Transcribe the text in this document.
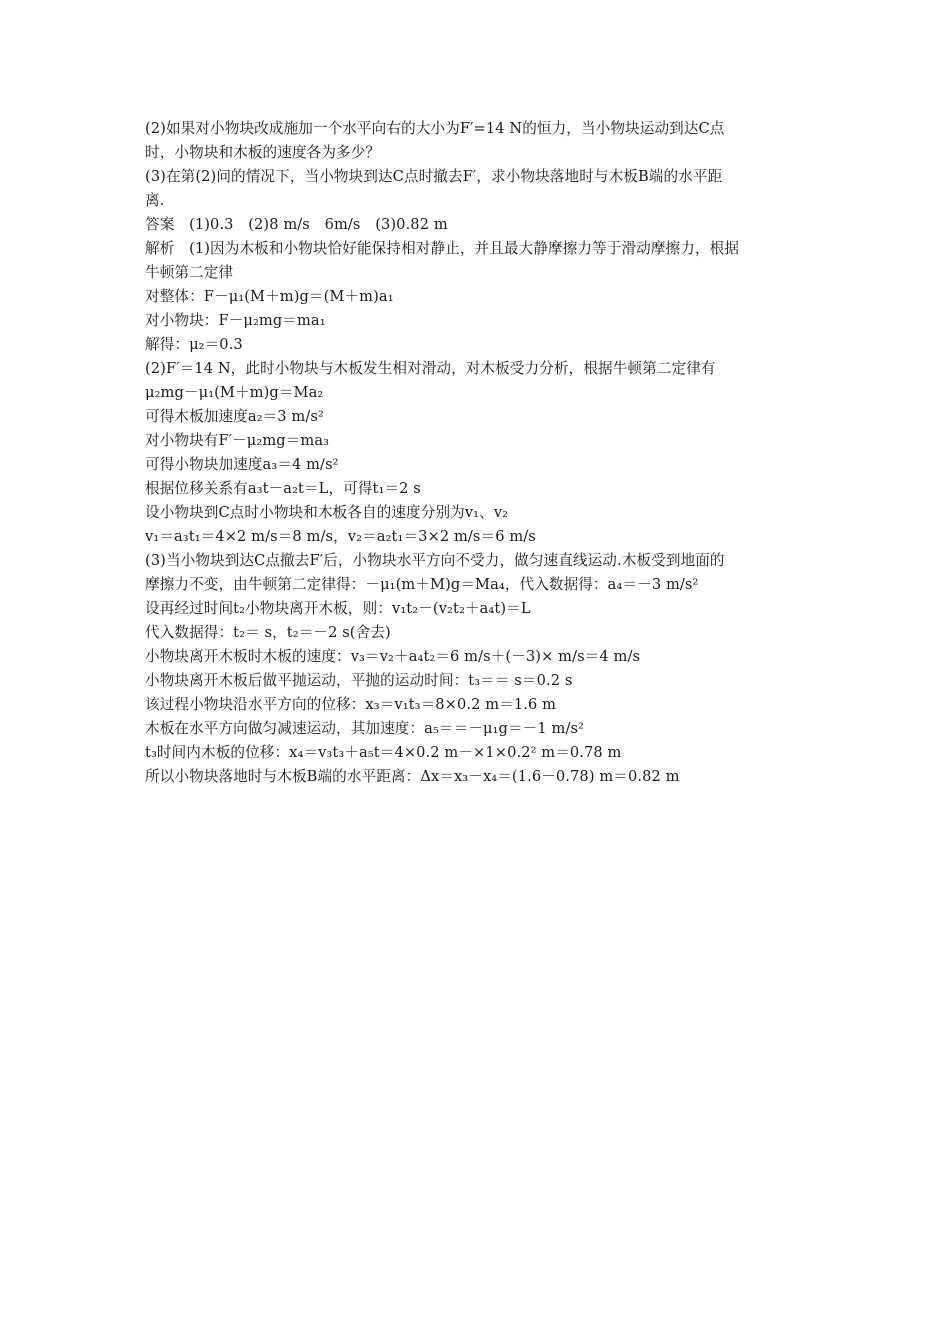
(2)如果对小物块改成施加一个水平向右的大小为F′=14 N的恒力，当小物块运动到达C点
时，小物块和木板的速度各为多少？
(3)在第(2)问的情况下，当小物块到达C点时撤去F′，求小物块落地时与木板B端的水平距
离.
答案　(1)0.3　(2)8 m/s　6m/s　(3)0.82 m
解析　(1)因为木板和小物块恰好能保持相对静止，并且最大静摩擦力等于滑动摩擦力，根据
牛顿第二定律
对整体：F－μ₁(M＋m)g＝(M＋m)a₁
对小物块：F－μ₂mg＝ma₁
解得：μ₂＝0.3
(2)F′＝14 N，此时小物块与木板发生相对滑动，对木板受力分析，根据牛顿第二定律有
μ₂mg－μ₁(M＋m)g＝Ma₂
可得木板加速度a₂＝3 m/s²
对小物块有F′－μ₂mg＝ma₃
可得小物块加速度a₃＝4 m/s²
根据位移关系有a₃t－a₂t＝L，可得t₁＝2 s
设小物块到C点时小物块和木板各自的速度分别为v₁、v₂
v₁＝a₃t₁＝4×2 m/s＝8 m/s，v₂＝a₂t₁＝3×2 m/s＝6 m/s
(3)当小物块到达C点撤去F′后，小物块水平方向不受力，做匀速直线运动.木板受到地面的
摩擦力不变，由牛顿第二定律得：－μ₁(m＋M)g＝Ma₄，代入数据得：a₄＝－3 m/s²
设再经过时间t₂小物块离开木板，则：v₁t₂－(v₂t₂＋a₄t)＝L
代入数据得：t₂＝ s，t₂＝－2 s(舍去)
小物块离开木板时木板的速度：v₃＝v₂＋a₄t₂＝6 m/s＋(－3)× m/s＝4 m/s
小物块离开木板后做平抛运动，平抛的运动时间：t₃＝＝ s＝0.2 s
该过程小物块沿水平方向的位移：x₃＝v₁t₃＝8×0.2 m＝1.6 m
木板在水平方向做匀减速运动，其加速度：a₅＝＝－μ₁g＝－1 m/s²
t₃时间内木板的位移：x₄＝v₃t₃＋a₅t＝4×0.2 m－×1×0.2² m＝0.78 m
所以小物块落地时与木板B端的水平距离：Δx＝x₃－x₄＝(1.6－0.78) m＝0.82 m
